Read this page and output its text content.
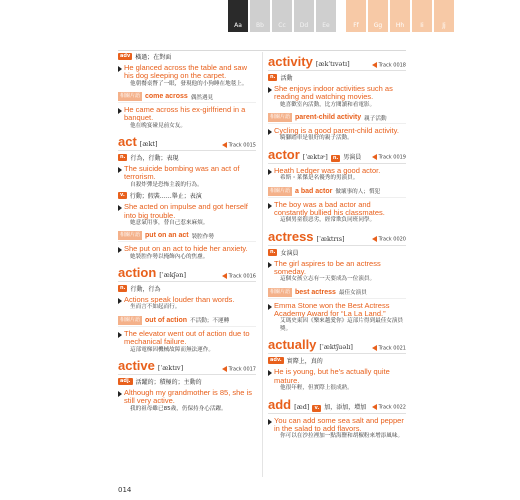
Aa	Bb	Cc	Dd	Ee	Ff	Gg	Hh	Ii	Jj
adv 橫過；在對面
He glanced across the table and saw his dog sleeping on the carpet.
他朝餐桌瞥了一眼，發現他的小狗睡在地毯上。
相關片語 come across 偶然遇見
He came across his ex-girlfriend in a banquet.
他在晚宴碰見前女友。
act [ækt]	Track 0015
n. 行為，行動；表現
The suicide bombing was an act of terrorism.
自殺炸彈是恐怖主義的行為。
v. 行動；假裝……舉止；表演
She acted on impulse and got herself into big trouble.
她意氣用事，替自己惹來麻煩。
相關片語 put on an act 裝腔作勢
She put on an act to hide her anxiety.
她裝腔作勢以掩飾內心的焦慮。
action [ˈækʃən]	Track 0016
n. 行動，行為
Actions speak louder than words.
坐而言不如起而行。
相關片語 out of action 不活動；不運轉
The elevator went out of action due to mechanical failure.
這部電梯因機械故障而無法運作。
active [ˈæktɪv]	Track 0017
adj. 活躍的；積極的；主動的
Although my grandmother is 85, she is still very active.
我的祖母雖已85歲，仍保持身心活躍。
activity [ækˈtɪvətɪ]	Track 0018
n. 活動
She enjoys indoor activities such as reading and watching movies.
她喜歡室內活動，比方閱讀和看電影。
相關片語 parent-child activity 親子活動
Cycling is a good parent-child activity.
騎腳踏車是很好的親子活動。
actor [ˈæktɚ]	n. 男演員	Track 0019
Heath Ledger was a good actor.
希斯・萊傑是名優秀的男演員。
相關片語 a bad actor 做壞事的人；慣犯
The boy was a bad actor and constantly bullied his classmates.
這個男童很惡劣，經常欺負同班同學。
actress [ˈæktrɪs]	Track 0020
n. 女演員
The girl aspires to be an actress someday.
這個女孩立志有一天要成為一位演員。
相關片語 best actress 最佳女演員
Emma Stone won the Best Actress Academy Award for “La La Land.”
艾瑪史東因《樂來越愛你》這部片得到最佳女演員獎。
actually [ˈæktʃuəlɪ]	Track 0021
adv. 實際上，真的
He is young, but he’s actually quite mature.
他很年輕，但實際上很成熟。
add [æd]	v. 加，添加，增加	Track 0022
You can add some sea salt and pepper in the salad to add flavors.
你可以在沙拉裡加一點海鹽和胡椒粉來增添風味。
014
